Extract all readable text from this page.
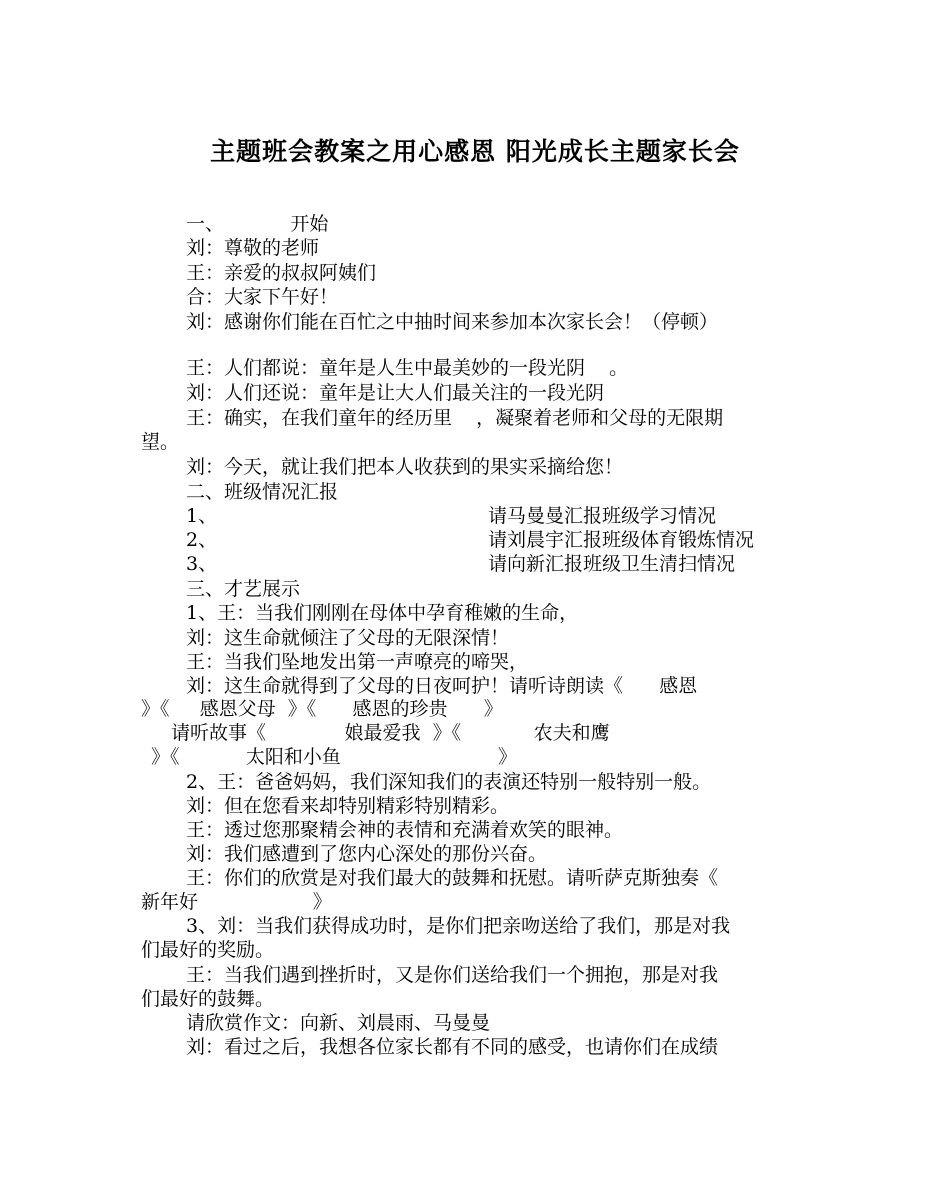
主题班会教案之用心感恩 阳光成长主题家长会
一、           开始
刘：尊敬的老师
王：亲爱的叔叔阿姨们
合：大家下午好！
刘：感谢你们能在百忙之中抽时间来参加本次家长会！（停顿）
王：人们都说：童年是人生中最美妙的一段光阴    。
刘：人们还说：童年是让大人们最关注的一段光阴
王：确实，在我们童年的经历里    ，凝聚着老师和父母的无限期
望。
刘：今天，就让我们把本人收获到的果实采摘给您！
二、班级情况汇报
1、	请马曼曼汇报班级学习情况
2、	请刘晨宇汇报班级体育锻炼情况
3、	请向新汇报班级卫生清扫情况
三、才艺展示
1、王：当我们刚刚在母体中孕育稚嫩的生命，
刘：这生命就倾注了父母的无限深情！
王：当我们坠地发出第一声嘹亮的啼哭，
刘：这生命就得到了父母的日夜呵护！请听诗朗读《      感恩
》《     感恩父母  》《      感恩的珍贵      》
请听故事《             娘最爱我  》《            农夫和鹰
》《           太阳和小鱼                          》
2、王：爸爸妈妈，我们深知我们的表演还特别一般特别一般。
刘：但在您看来却特别精彩特别精彩。
王：透过您那聚精会神的表情和充满着欢笑的眼神。
刘：我们感遭到了您内心深处的那份兴奋。
王：你们的欣赏是对我们最大的鼓舞和抚慰。请听萨克斯独奏《
新年好                   》
3、刘：当我们获得成功时，是你们把亲吻送给了我们，那是对我
们最好的奖励。
王：当我们遇到挫折时，又是你们送给我们一个拥抱，那是对我
们最好的鼓舞。
请欣赏作文：向新、刘晨雨、马曼曼
刘：看过之后，我想各位家长都有不同的感受，也请你们在成绩
